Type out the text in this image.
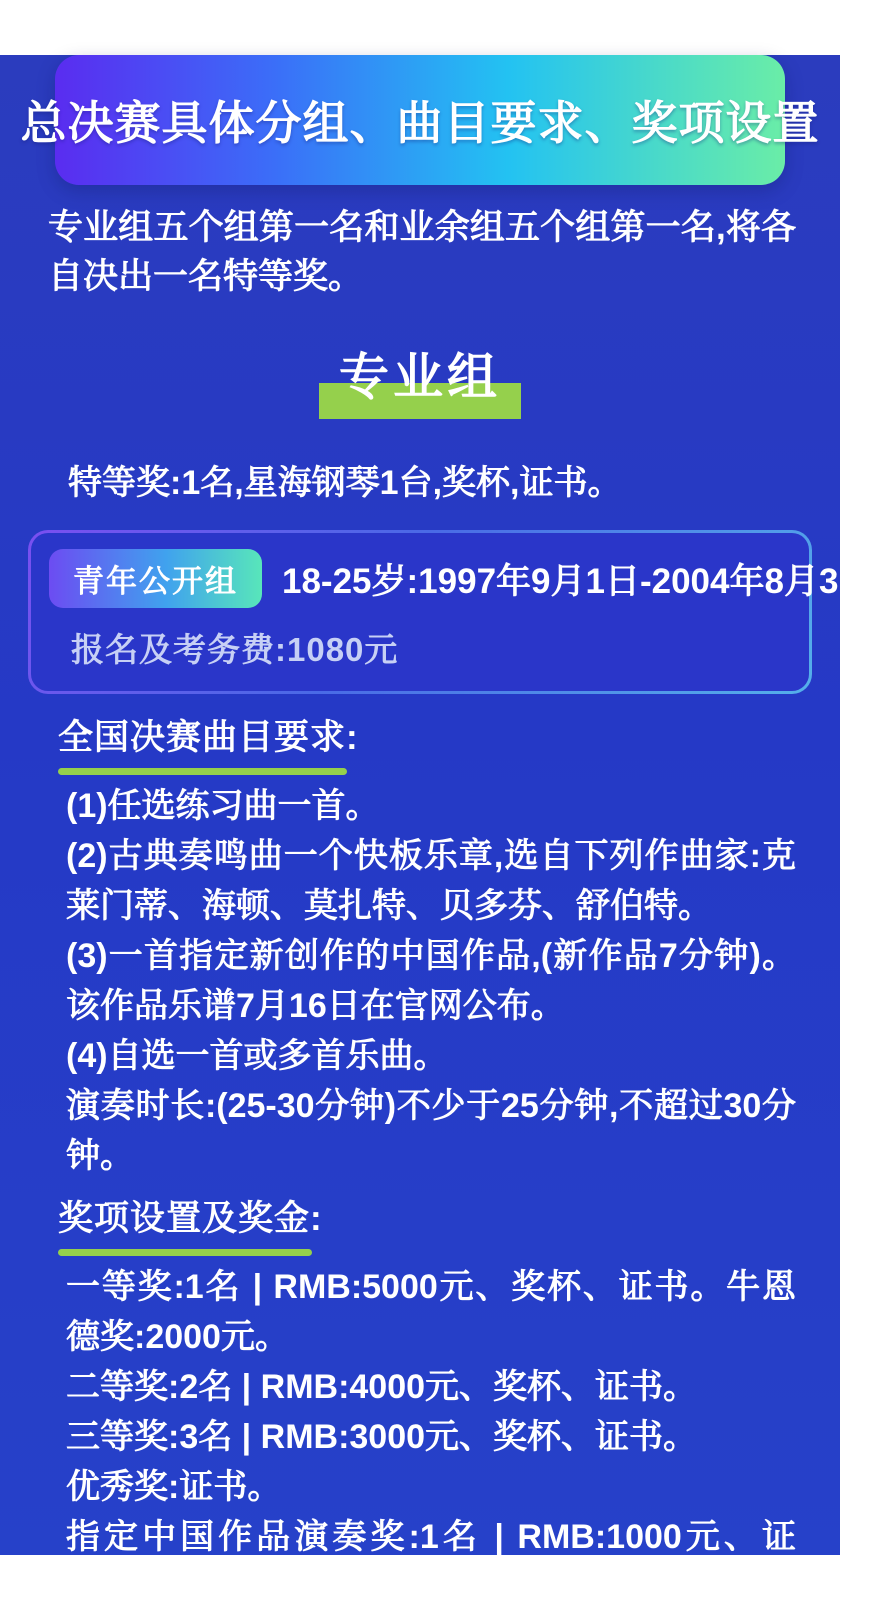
总决赛具体分组、曲目要求、奖项设置
专业组五个组第一名和业余组五个组第一名,将各自决出一名特等奖。
专业组
特等奖:1名,星海钢琴1台,奖杯,证书。
青年公开组	18-25岁:1997年9月1日-2004年8月31日
报名及考务费:1080元
全国决赛曲目要求:

(1)任选练习曲一首。

(2)古典奏鸣曲一个快板乐章,选自下列作曲家:克莱门蒂、海顿、莫扎特、贝多芬、舒伯特。

(3)一首指定新创作的中国作品,(新作品7分钟)。该作品乐谱7月16日在官网公布。

(4)自选一首或多首乐曲。

演奏时长:(25-30分钟)不少于25分钟,不超过30分钟。

奖项设置及奖金:

一等奖:1名 | RMB:5000元、奖杯、证书。牛恩德奖:2000元。

二等奖:2名 | RMB:4000元、奖杯、证书。

三等奖:3名 | RMB:3000元、奖杯、证书。

优秀奖:证书。

指定中国作品演奏奖:1名 | RMB:1000元、证书。
